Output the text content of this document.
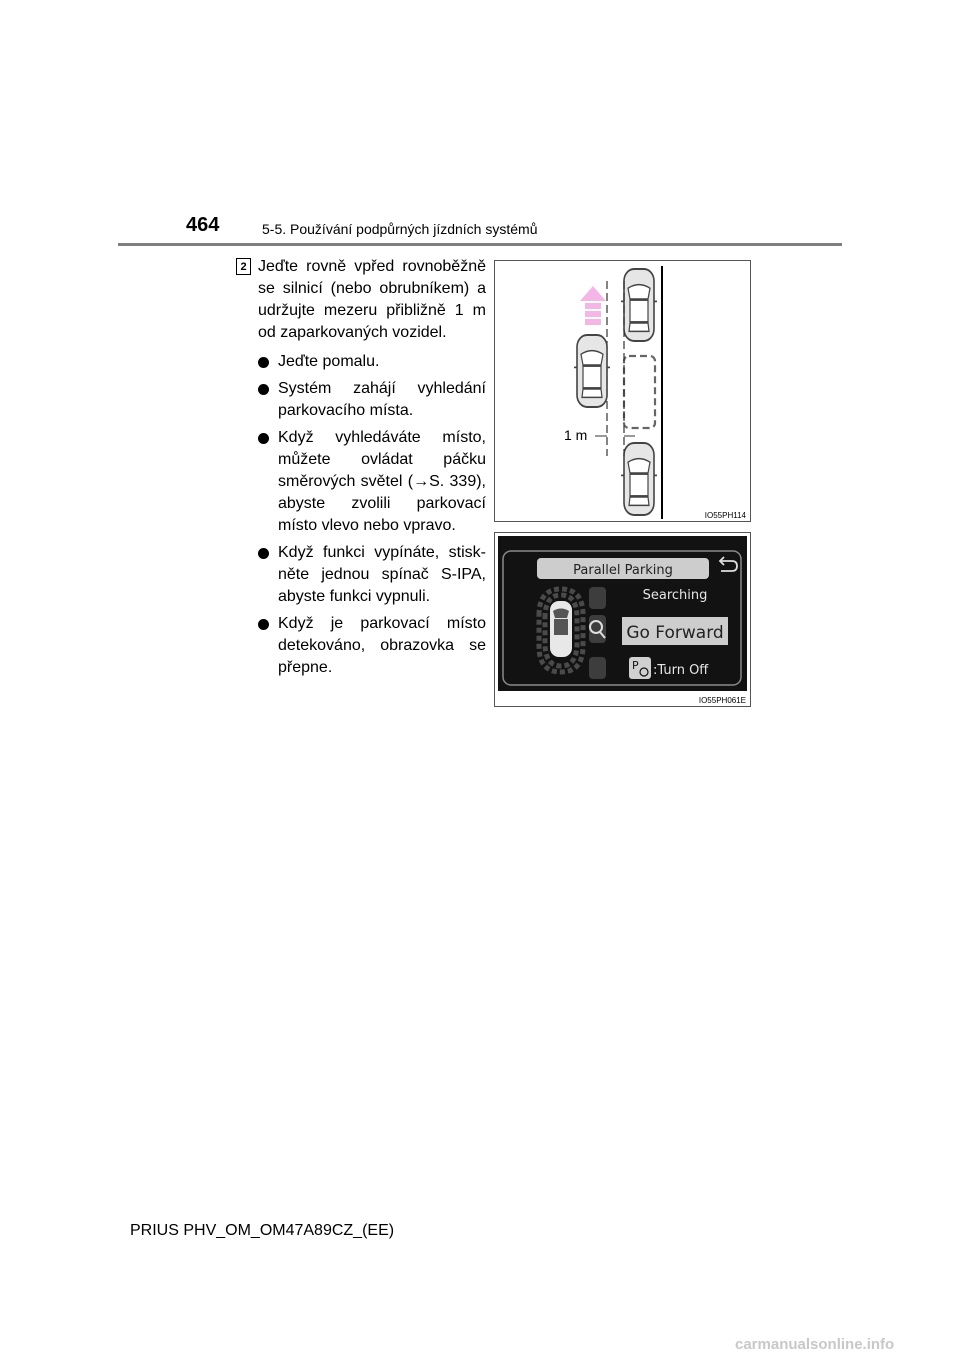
464	5-5. Používání podpůrných jízdních systémů
2 Jeďte rovně vpřed rovnoběžně se silnicí (nebo obrubníkem) a udržujte mezeru přibližně 1 m od zaparkovaných vozidel.

Jeďte pomalu.
Systém zahájí vyhledání parkovacího místa.
Když vyhledáváte místo, můžete ovládat páčku směrových světel (→S. 339), abyste zvolili parkovací místo vlevo nebo vpravo.
Když funkci vypínáte, stiskněte jednou spínač S-IPA, abyste funkci vypnuli.
Když je parkovací místo detekováno, obrazovka se přepne.
1 m
IO55PH114
Parallel Parking
Searching
Go Forward
P :Turn Off
IO55PH061E
PRIUS PHV_OM_OM47A89CZ_(EE)
carmanualsonline.info
